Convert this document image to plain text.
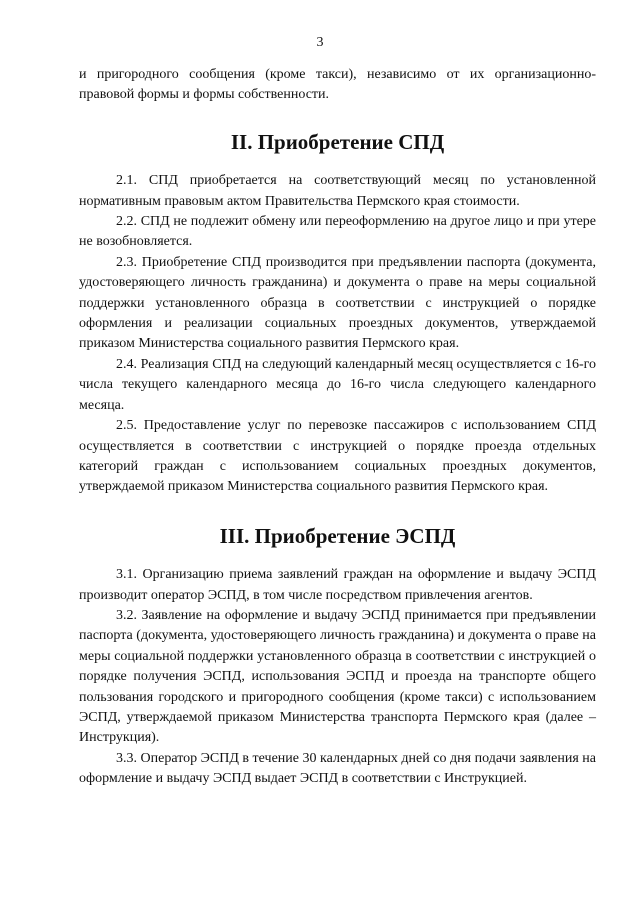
3

и пригородного сообщения (кроме такси), независимо от их организационно-правовой формы и формы собственности.

II. Приобретение СПД

2.1. СПД приобретается на соответствующий месяц по установленной нормативным правовым актом Правительства Пермского края стоимости.

2.2. СПД не подлежит обмену или переоформлению на другое лицо и при утере не возобновляется.

2.3. Приобретение СПД производится при предъявлении паспорта (документа, удостоверяющего личность гражданина) и документа о праве на меры социальной поддержки установленного образца в соответствии с инструкцией о порядке оформления и реализации социальных проездных документов, утверждаемой приказом Министерства социального развития Пермского края.

2.4. Реализация СПД на следующий календарный месяц осуществляется с 16-го числа текущего календарного месяца до 16-го числа следующего календарного месяца.

2.5. Предоставление услуг по перевозке пассажиров с использованием СПД осуществляется в соответствии с инструкцией о порядке проезда отдельных категорий граждан с использованием социальных проездных документов, утверждаемой приказом Министерства социального развития Пермского края.

III. Приобретение ЭСПД

3.1. Организацию приема заявлений граждан на оформление и выдачу ЭСПД производит оператор ЭСПД, в том числе посредством привлечения агентов.

3.2. Заявление на оформление и выдачу ЭСПД принимается при предъявлении паспорта (документа, удостоверяющего личность гражданина) и документа о праве на меры социальной поддержки установленного образца в соответствии с инструкцией о порядке получения ЭСПД, использования ЭСПД и проезда на транспорте общего пользования городского и пригородного сообщения (кроме такси) с использованием ЭСПД, утверждаемой приказом Министерства транспорта Пермского края (далее – Инструкция).

3.3. Оператор ЭСПД в течение 30 календарных дней со дня подачи заявления на оформление и выдачу ЭСПД выдает ЭСПД в соответствии с Инструкцией.
